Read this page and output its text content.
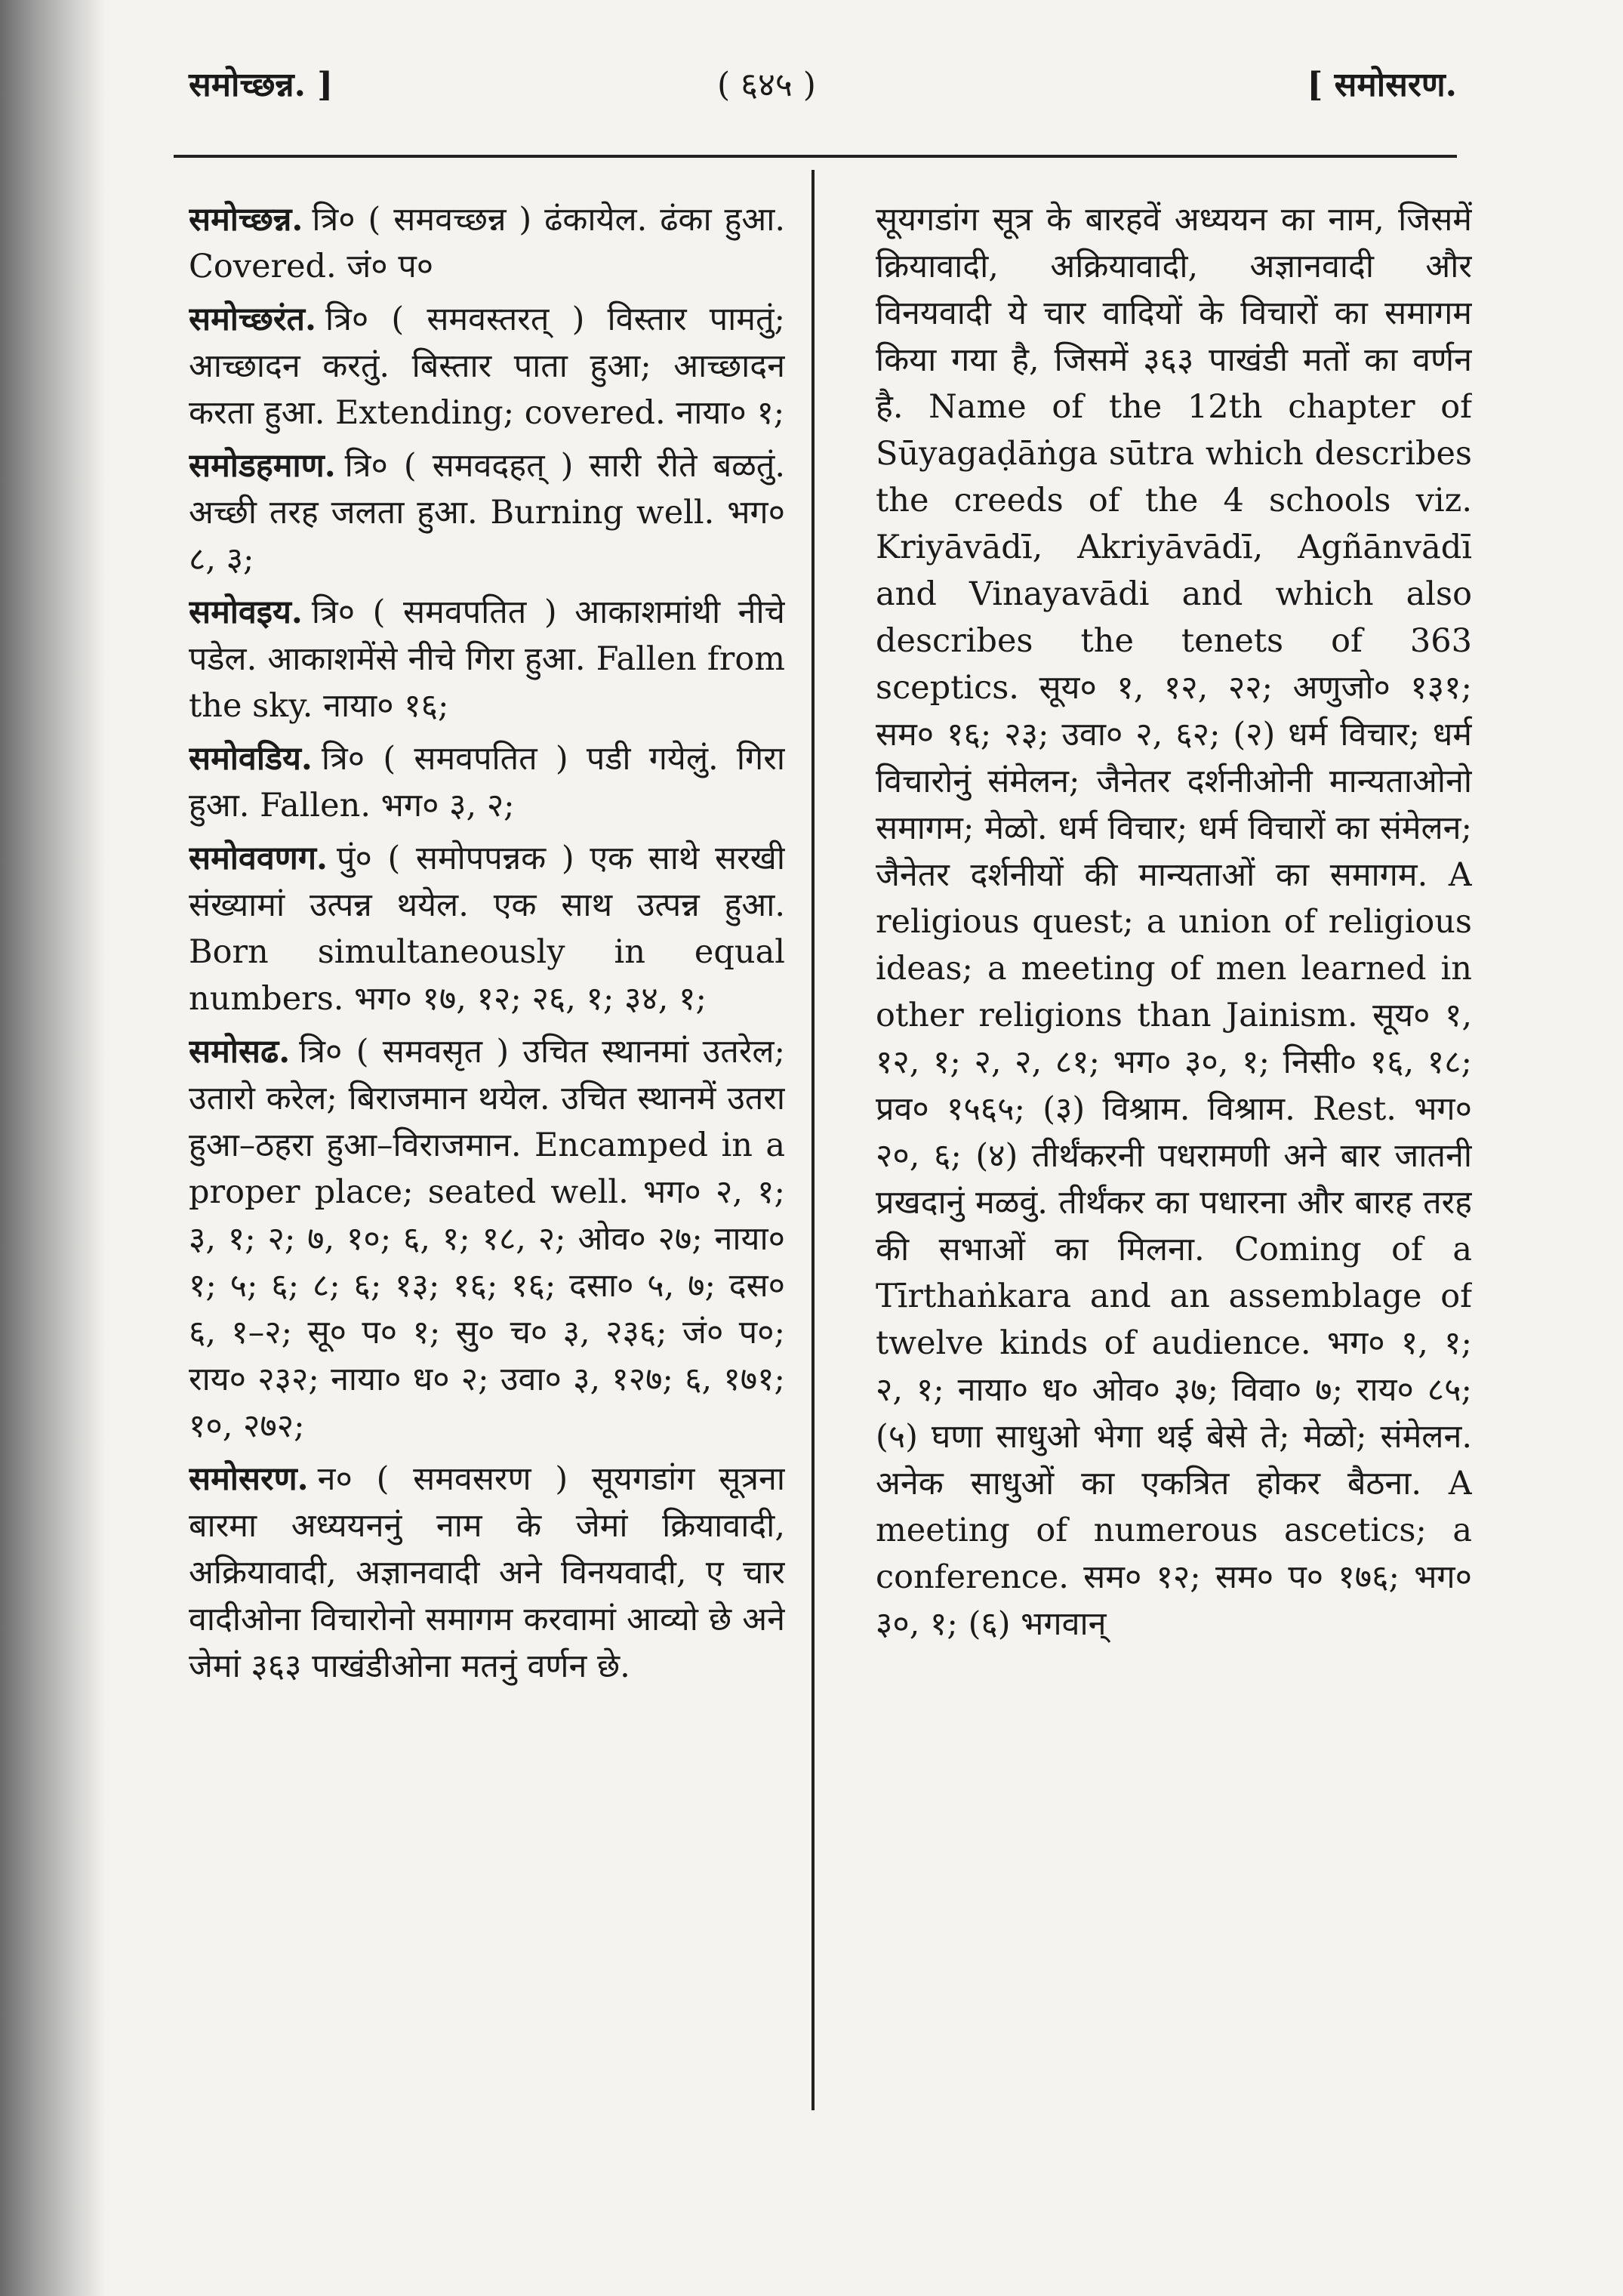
समोच्छन्न. ]	( ६४५ )	[ समोसरण.

समोच्छन्न. त्रि० ( समवच्छन्न ) ढंकायेल. ढंका हुआ. Covered. जं० प०

समोच्छरंत. त्रि० ( समवस्तरत् ) विस्तार पामतुं; आच्छादन करतुं. बिस्तार पाता हुआ; आच्छादन करता हुआ. Extending; covered. नाया० १;

समोडहमाण. त्रि० ( समवदहत् ) सारी रीते बळतुं. अच्छी तरह जलता हुआ. Burning well. भग० ८, ३;

समोवइय. त्रि० ( समवपतित ) आकाशमांथी नीचे पडेल. आकाशमेंसे नीचे गिरा हुआ. Fallen from the sky. नाया० १६;

समोवडिय. त्रि० ( समवपतित ) पडी गयेलुं. गिरा हुआ. Fallen. भग० ३, २;

समोववणग. पुं० ( समोपपन्नक ) एक साथे सरखी संख्यामां उत्पन्न थयेल. एक साथ उत्पन्न हुआ. Born simultaneously in equal numbers. भग० १७, १२; २६, १; ३४, १;

समोसढ. त्रि० ( समवसृत ) उचित स्थानमां उतरेल; उतारो करेल; बिराजमान थयेल. उचित स्थानमें उतरा हुआ–ठहरा हुआ–विराजमान. Encamped in a proper place; seated well. भग० २, १; ३, १; २; ७, १०; ६, १; १८, २; ओव० २७; नाया० १; ५; ६; ८; ६; १३; १६; १६; दसा० ५, ७; दस० ६, १–२; सू० प० १; सु० च० ३, २३६; जं० प०; राय० २३२; नाया० ध० २; उवा० ३, १२७; ६, १७१; १०, २७२;

समोसरण. न० ( समवसरण ) सूयगडांग सूत्रना बारमा अध्ययननुं नाम के जेमां क्रियावादी, अक्रियावादी, अज्ञानवादी अने विनयवादी, ए चार वादीओना विचारोनो समागम करवामां आव्यो छे अने जेमां ३६३ पाखंडीओना मतनुं वर्णन छे.

सूयगडांग सूत्र के बारहवें अध्ययन का नाम, जिसमें क्रियावादी, अक्रियावादी, अज्ञानवादी और विनयवादी ये चार वादियों के विचारों का समागम किया गया है, जिसमें ३६३ पाखंडी मतों का वर्णन है. Name of the 12th chapter of Sūyagaḍāṅga sūtra which describes the creeds of the 4 schools viz. Kriyāvādī, Akriyāvādī, Agñānvādī and Vinayavādi and which also describes the tenets of 363 sceptics. सूय० १, १२, २२; अणुजो० १३१; सम० १६; २३; उवा० २, ६२; (२) धर्म विचार; धर्म विचारोनुं संमेलन; जैनेतर दर्शनीओनी मान्यताओनो समागम; मेळो. धर्म विचार; धर्म विचारों का संमेलन; जैनेतर दर्शनीयों की मान्यताओं का समागम. A religious quest; a union of religious ideas; a meeting of men learned in other religions than Jainism. सूय० १, १२, १; २, २, ८१; भग० ३०, १; निसी० १६, १८; प्रव० १५६५; (३) विश्राम. विश्राम. Rest. भग० २०, ६; (४) तीर्थंकरनी पधरामणी अने बार जातनी प्रखदानुं मळवुं. तीर्थंकर का पधारना और बारह तरह की सभाओं का मिलना. Coming of a Tīrthaṅkara and an assemblage of twelve kinds of audience. भग० १, १; २, १; नाया० ध० ओव० ३७; विवा० ७; राय० ८५; (५) घणा साधुओ भेगा थई बेसे ते; मेळो; संमेलन. अनेक साधुओं का एकत्रित होकर बैठना. A meeting of numerous ascetics; a conference. सम० १२; सम० प० १७६; भग० ३०, १; (६) भगवान्
